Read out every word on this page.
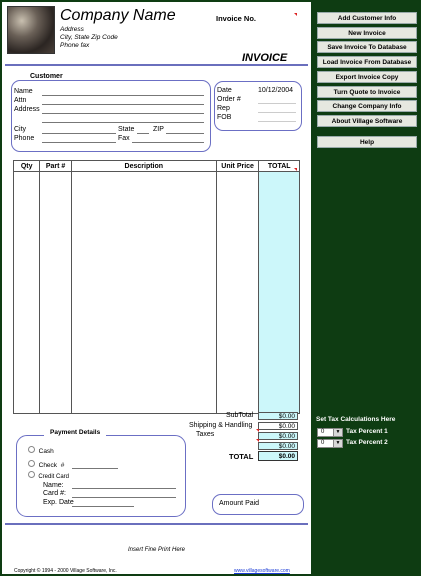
Company Name
Address
City, State Zip Code
Phone fax
Invoice No.
INVOICE
Customer
Name
Attn
Address
City	State	ZIP
Phone	Fax
Date	10/12/2004
Order #
Rep
FOB
Qty	Part #	Description	Unit Price	TOTAL

SubTotal	$0.00
Shipping & Handling	$0.00
Taxes	$0.00
$0.00
TOTAL	$0.00
Payment Details
Cash
Check #
Credit Card
Name:
Card #:
Exp. Date	Amount Paid
Insert Fine Print Here
Copyright © 1994 - 2000 Village Software, Inc.	www.villagesoftware.com
Add Customer Info
New Invoice
Save Invoice To Database
Load Invoice From Database
Export Invoice Copy
Turn Quote to Invoice
Change Company Info
About Village Software
Help
Set Tax Calculations Here
0	▼ Tax Percent 1
0	▼ Tax Percent 2
